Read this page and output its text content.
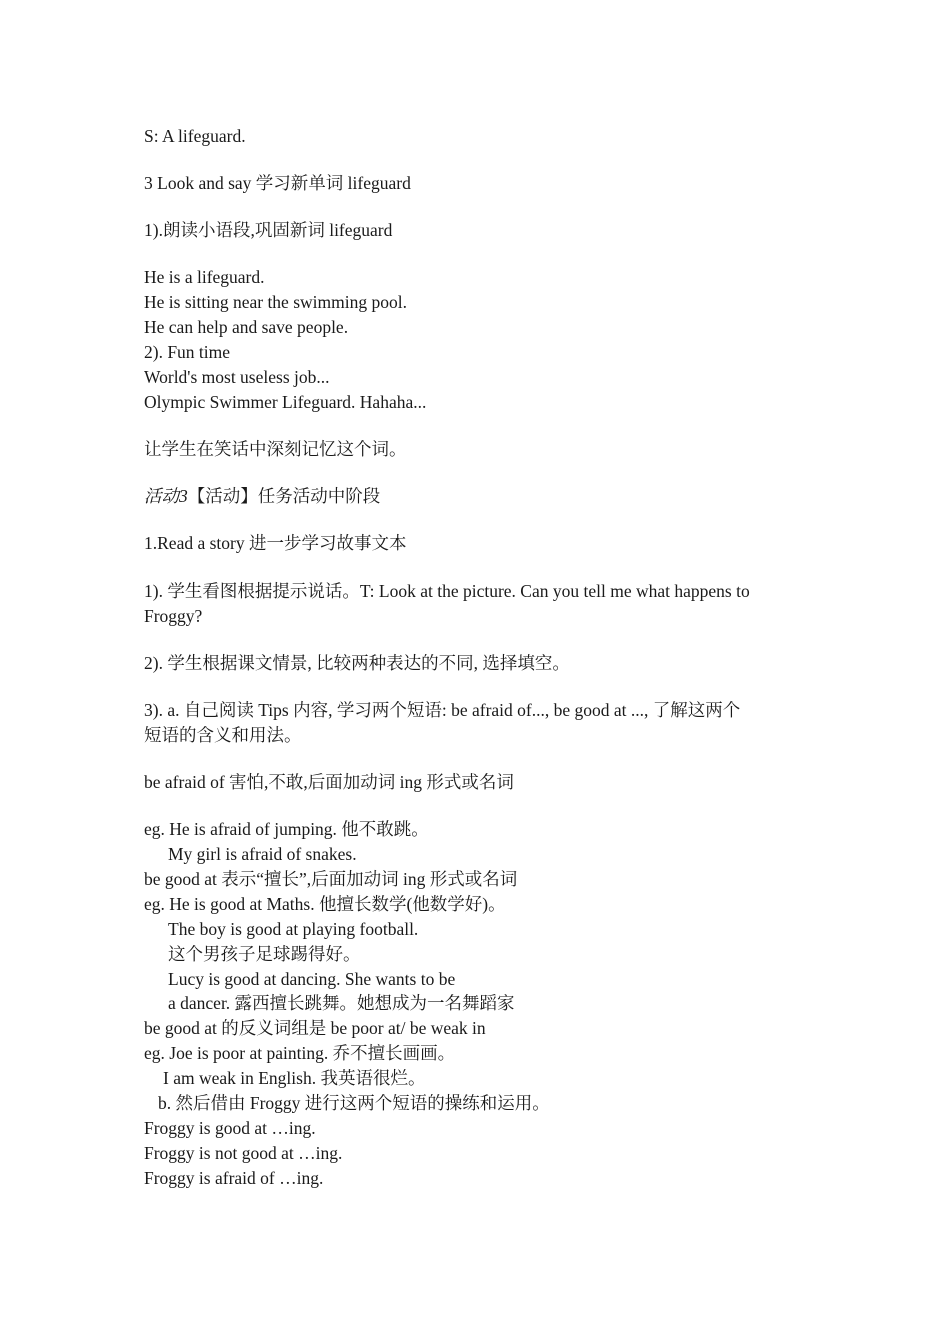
S: A lifeguard.
3 Look and say 学习新单词 lifeguard
1).朗读小语段,巩固新词 lifeguard
He is a lifeguard.
He is sitting near the swimming pool.
He can help and save people.
2). Fun time
World's most useless job...
Olympic Swimmer Lifeguard. Hahaha...
让学生在笑话中深刻记忆这个词。
活动3【活动】任务活动中阶段
1.Read a story 进一步学习故事文本
1). 学生看图根据提示说话。T: Look at the picture. Can you tell me what happens to
Froggy?
2). 学生根据课文情景, 比较两种表达的不同, 选择填空。
3). a. 自己阅读 Tips 内容, 学习两个短语: be afraid of..., be good at ..., 了解这两个
短语的含义和用法。
be afraid of 害怕,不敢,后面加动词 ing 形式或名词
eg. He is afraid of jumping. 他不敢跳。
My girl is afraid of snakes.
be good at 表示“擅长”,后面加动词 ing 形式或名词
eg. He is good at Maths. 他擅长数学(他数学好)。
The boy is good at playing football.
这个男孩子足球踢得好。
Lucy is good at dancing. She wants to be
a dancer. 露西擅长跳舞。她想成为一名舞蹈家
be good at 的反义词组是 be poor at/ be weak in
eg. Joe is poor at painting. 乔不擅长画画。
I am weak in English. 我英语很烂。
b. 然后借由 Froggy 进行这两个短语的操练和运用。
Froggy is good at …ing.
Froggy is not good at …ing.
Froggy is afraid of …ing.
